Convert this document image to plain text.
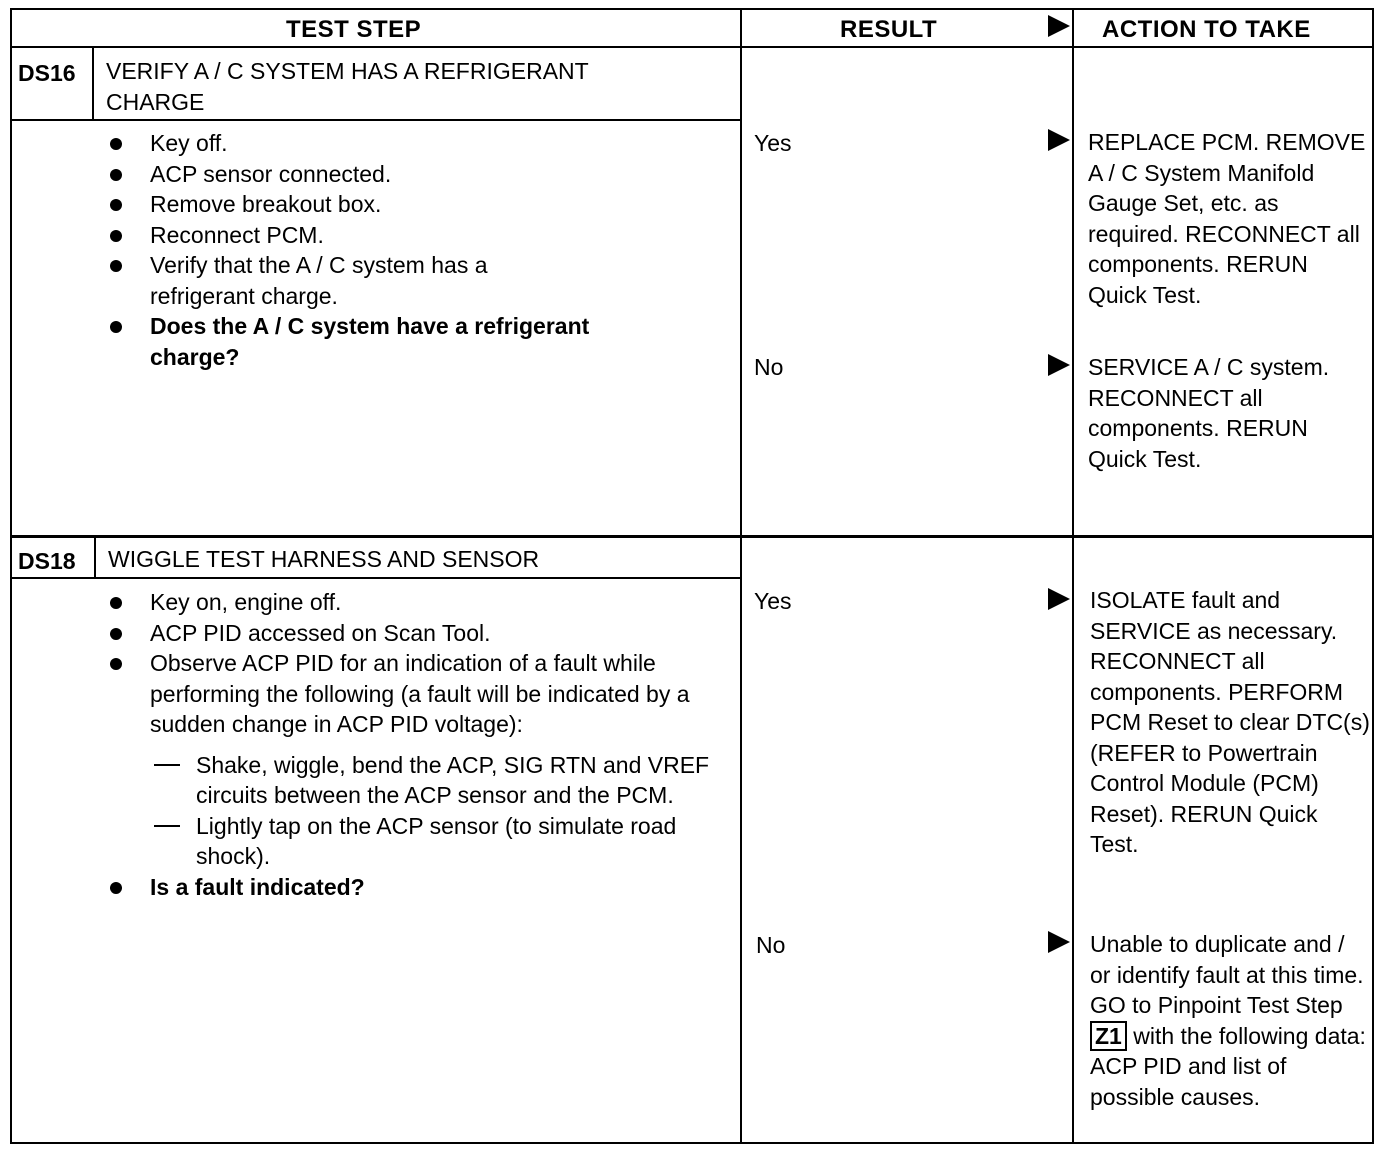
TEST STEP	RESULT	ACTION TO TAKE
DS16 VERIFY A / C SYSTEM HAS A REFRIGERANT CHARGE
Key off.
ACP sensor connected.
Remove breakout box.
Reconnect PCM.
Verify that the A / C system has a refrigerant charge.
Does the A / C system have a refrigerant charge?
Yes	REPLACE PCM. REMOVE A / C System Manifold Gauge Set, etc. as required. RECONNECT all components. RERUN Quick Test.
No	SERVICE A / C system. RECONNECT all components. RERUN Quick Test.
DS18 WIGGLE TEST HARNESS AND SENSOR
Key on, engine off.
ACP PID accessed on Scan Tool.
Observe ACP PID for an indication of a fault while performing the following (a fault will be indicated by a sudden change in ACP PID voltage):
Shake, wiggle, bend the ACP, SIG RTN and VREF circuits between the ACP sensor and the PCM.
Lightly tap on the ACP sensor (to simulate road shock).
Is a fault indicated?
Yes	ISOLATE fault and SERVICE as necessary. RECONNECT all components. PERFORM PCM Reset to clear DTC(s) (REFER to Powertrain Control Module (PCM) Reset). RERUN Quick Test.
No	Unable to duplicate and / or identify fault at this time. GO to Pinpoint Test Step Z1 with the following data: ACP PID and list of possible causes.
